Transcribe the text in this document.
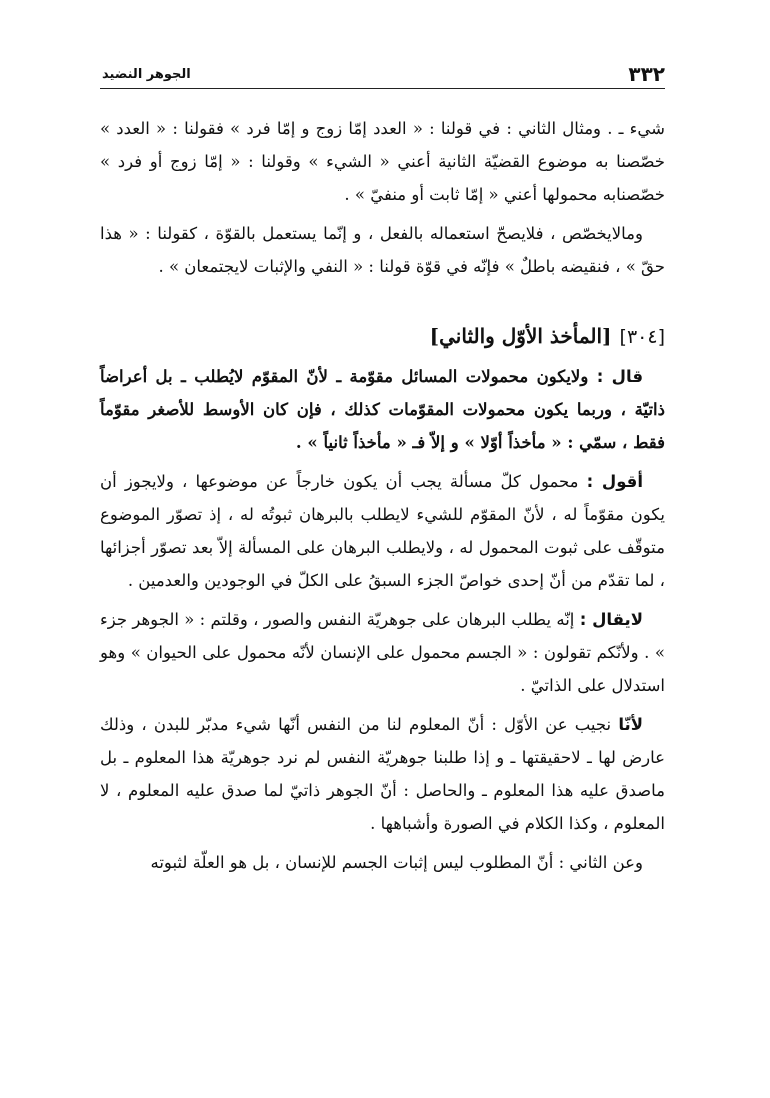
٣٣٢
الجوهر النضيد

شيء ـ . ومثال الثاني : في قولنا : « العدد إمّا زوج و إمّا فرد » فقولنا : « العدد » خصّصنا به موضوع القضيّة الثانية أعني « الشيء » وقولنا : « إمّا زوج أو فرد » خصّصنابه محمولها أعني « إمّا ثابت أو منفيّ » .

ومالايخصّص ، فلايصحّ استعماله بالفعل ، و إنّما يستعمل بالقوّة ، كقولنا : « هذا حقّ » ، فنقيضه باطلٌ » فإنّه في قوّة قولنا : « النفي والإثبات لايجتمعان » .

[٣٠٤][المأخذ الأوّل والثاني]

قال : ولايكون محمولات المسائل مقوّمة ـ لأنّ المقوّم لايُطلب ـ بل أعراضاً ذاتيّة ، وربما يكون محمولات المقوّمات كذلك ، فإن كان الأوسط للأصغر مقوّماً فقط ، سمّي : « مأخذاً أوّلا » و إلاّ فـ « مأخذاً ثانياً » .

أقول : محمول كلّ مسألة يجب أن يكون خارجاً عن موضوعها ، ولايجوز أن يكون مقوّماً له ، لأنّ المقوّم للشيء لايطلب بالبرهان ثبوتُه له ، إذ تصوّر الموضوع متوقّف على ثبوت المحمول له ، ولايطلب البرهان على المسألة إلاّ بعد تصوّر أجزائها ، لما تقدّم من أنّ إحدى خواصّ الجزء السبقُ على الكلّ في الوجودين والعدمين .

لايقال : إنّه يطلب البرهان على جوهريّة النفس والصور ، وقلتم : « الجوهر جزء » . ولأنّكم تقولون : « الجسم محمول على الإنسان لأنّه محمول على الحيوان » وهو استدلال على الذاتيّ .

لأنّا نجيب عن الأوّل : أنّ المعلوم لنا من النفس أنّها شيء مدبّر للبدن ، وذلك عارض لها ـ لاحقيقتها ـ و إذا طلبنا جوهريّة النفس لم نرد جوهريّة هذا المعلوم ـ بل ماصدق عليه هذا المعلوم ـ والحاصل : أنّ الجوهر ذاتيّ لما صدق عليه المعلوم ، لا المعلوم ، وكذا الكلام في الصورة وأشباهها .

وعن الثاني : أنّ المطلوب ليس إثبات الجسم للإنسان ، بل هو العلّة لثبوته
